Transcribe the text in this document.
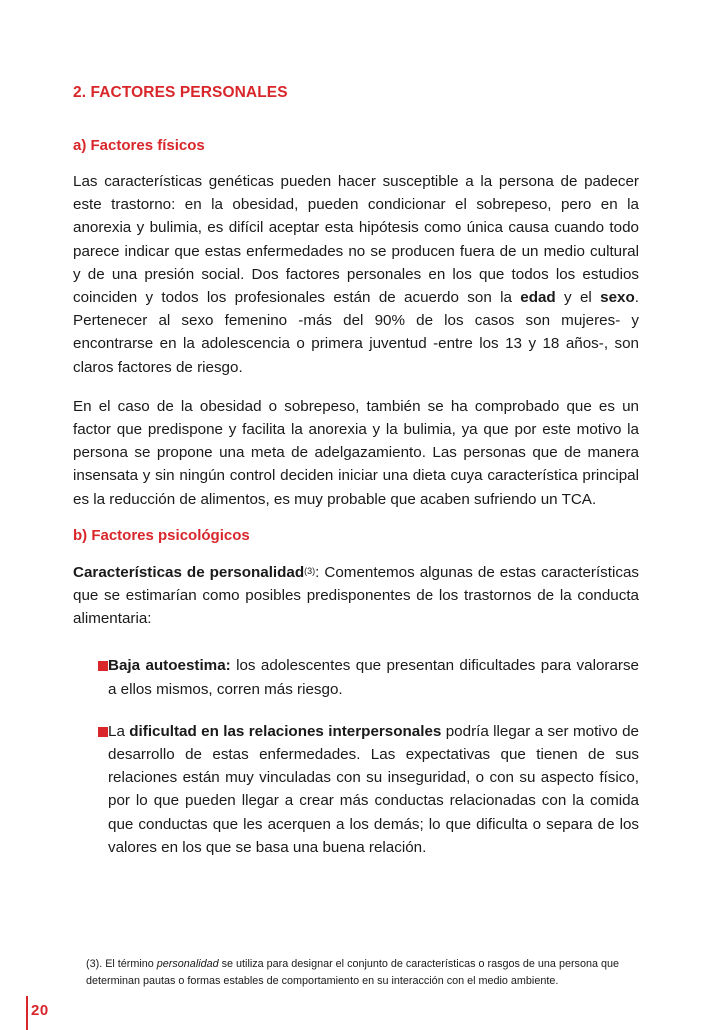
2. FACTORES PERSONALES
a) Factores físicos

Las características genéticas pueden hacer susceptible a la persona de padecer este trastorno: en la obesidad, pueden condicionar el sobrepeso, pero en la anorexia y bulimia, es difícil aceptar esta hipótesis como única causa cuando todo parece indicar que estas enfermedades no se producen fuera de un medio cultural y de una presión social. Dos factores personales en los que todos los estudios coinciden y todos los profesionales están de acuerdo son la edad y el sexo. Pertenecer al sexo femenino -más del 90% de los casos son mujeres- y encontrarse en la adolescencia o primera juventud -entre los 13 y 18 años-, son claros factores de riesgo.

En el caso de la obesidad o sobrepeso, también se ha comprobado que es un factor que predispone y facilita la anorexia y la bulimia, ya que por este motivo la persona se propone una meta de adelgazamiento. Las personas que de manera insensata y sin ningún control deciden iniciar una dieta cuya característica principal es la reducción de alimentos, es muy probable que acaben sufriendo un TCA.

b) Factores psicológicos

Características de personalidad$^{(3)}$: Comentemos algunas de estas características que se estimarían como posibles predisponentes de los trastornos de la conducta alimentaria:

Baja autoestima: los adolescentes que presentan dificultades para valorarse a ellos mismos, corren más riesgo.
La dificultad en las relaciones interpersonales podría llegar a ser motivo de desarrollo de estas enfermedades. Las expectativas que tienen de sus relaciones están muy vinculadas con su inseguridad, o con su aspecto físico, por lo que pueden llegar a crear más conductas relacionadas con la comida que conductas que les acerquen a los demás; lo que dificulta o separa de los valores en los que se basa una buena relación.
(3). El término personalidad se utiliza para designar el conjunto de características o rasgos de una persona que determinan pautas o formas estables de comportamiento en su interacción con el medio ambiente.
20
